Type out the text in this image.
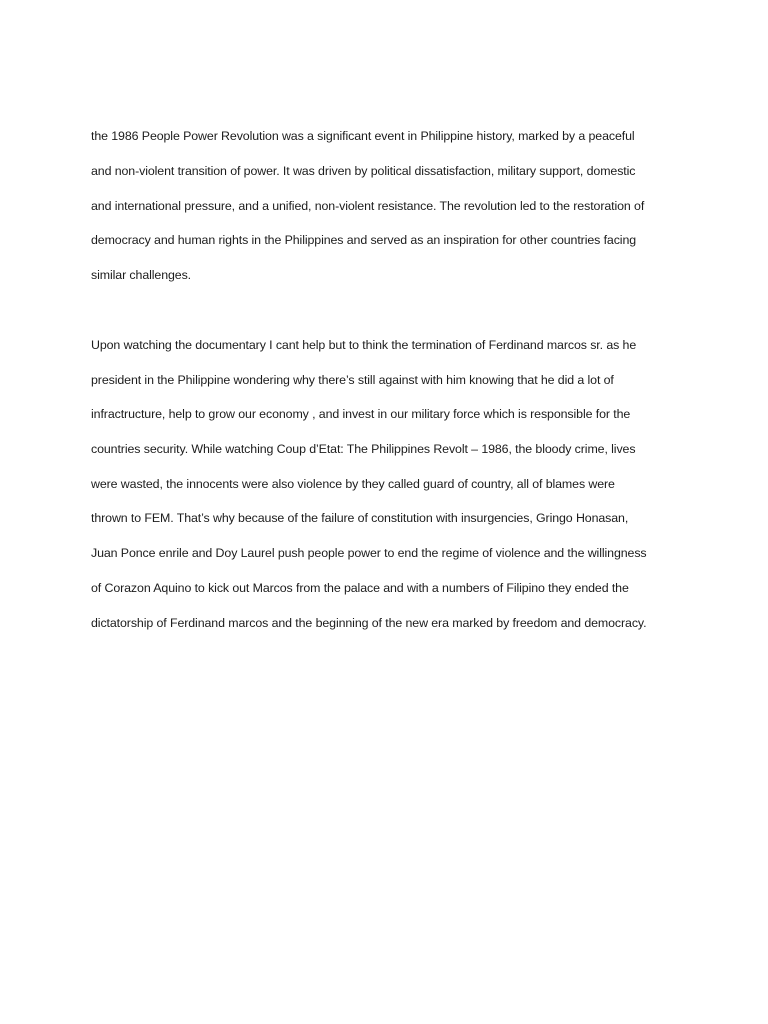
the 1986 People Power Revolution was a significant event in Philippine history, marked by a peaceful
and non-violent transition of power. It was driven by political dissatisfaction, military support, domestic
and international pressure, and a unified, non-violent resistance. The revolution led to the restoration of
democracy and human rights in the Philippines and served as an inspiration for other countries facing
similar challenges.
Upon watching the documentary I cant help but to think the termination of Ferdinand marcos sr. as he
president in the Philippine wondering why there’s still against with him knowing that he did a lot of
infractructure, help to grow our economy , and invest in our military force which is responsible for the
countries security. While watching Coup d’Etat: The Philippines Revolt – 1986, the bloody crime, lives
were wasted, the innocents were also violence by they called guard of country, all of blames were
thrown to FEM. That’s why because of the failure of constitution with insurgencies, Gringo Honasan,
Juan Ponce enrile and Doy Laurel push people power to end the regime of violence and the willingness
of Corazon Aquino to kick out Marcos from the palace and with a numbers of Filipino they ended the
dictatorship of Ferdinand marcos and the beginning of the new era marked by freedom and democracy.
